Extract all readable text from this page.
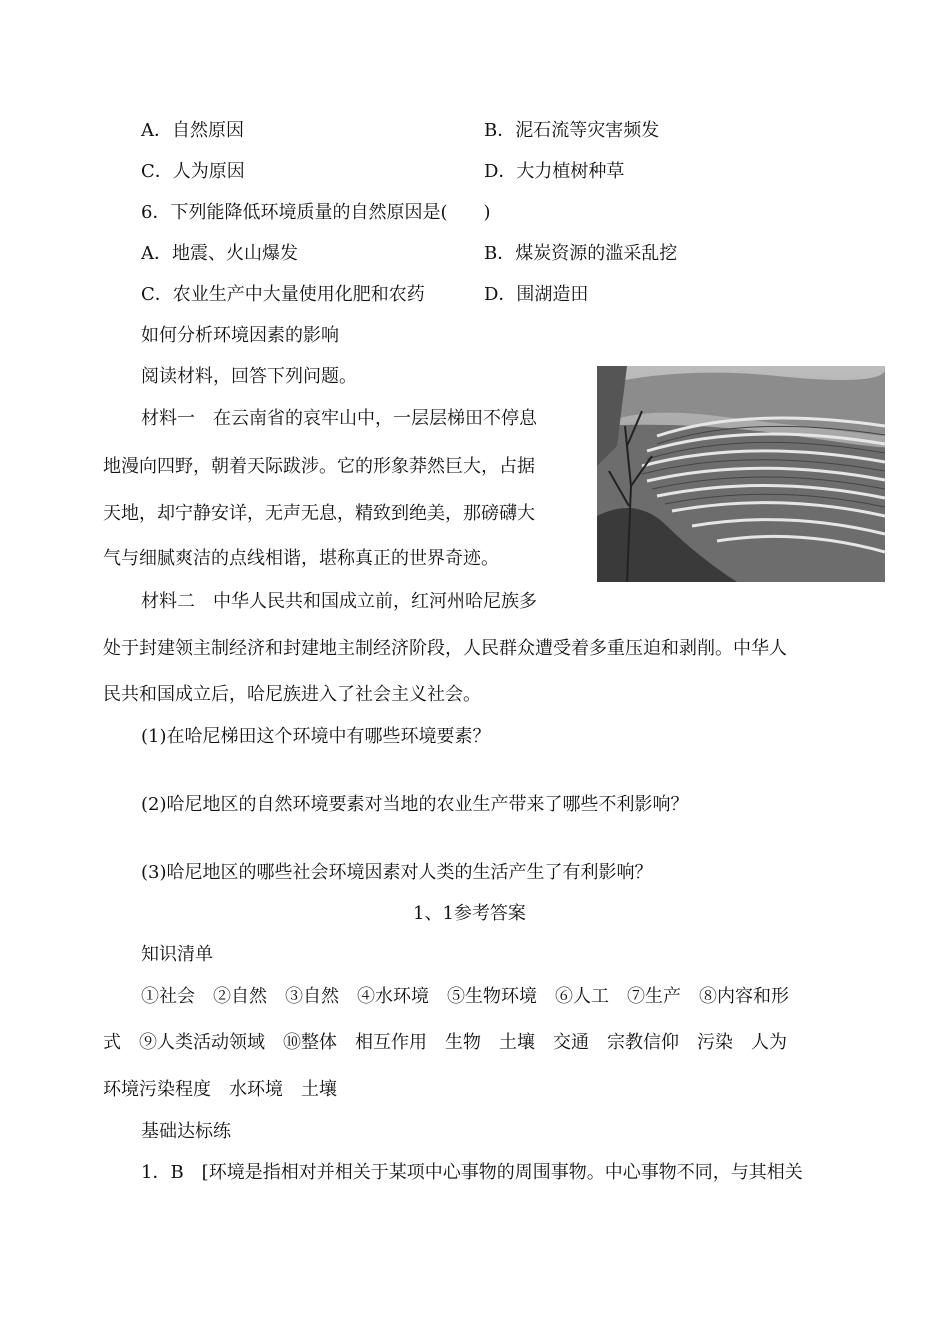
A．自然原因	B．泥石流等灾害频发
C．人为原因	D．大力植树种草
6．下列能降低环境质量的自然原因是(　　)
A．地震、火山爆发	B．煤炭资源的滥采乱挖
C．农业生产中大量使用化肥和农药	D．围湖造田
如何分析环境因素的影响
阅读材料，回答下列问题。
材料一　在云南省的哀牢山中，一层层梯田不停息
地漫向四野，朝着天际跋涉。它的形象莽然巨大，占据
天地，却宁静安详，无声无息，精致到绝美，那磅礴大
气与细腻爽洁的点线相谐，堪称真正的世界奇迹。
材料二　中华人民共和国成立前，红河州哈尼族多
处于封建领主制经济和封建地主制经济阶段，人民群众遭受着多重压迫和剥削。中华人
民共和国成立后，哈尼族进入了社会主义社会。
(1)在哈尼梯田这个环境中有哪些环境要素？
(2)哈尼地区的自然环境要素对当地的农业生产带来了哪些不利影响？
(3)哈尼地区的哪些社会环境因素对人类的生活产生了有利影响？
1、1参考答案
知识清单
①社会　②自然　③自然　④水环境　⑤生物环境　⑥人工　⑦生产　⑧内容和形
式　⑨人类活动领域　⑩整体　相互作用　生物　土壤　交通　宗教信仰　污染　人为
环境污染程度　水环境　土壤
基础达标练
1．B　[环境是指相对并相关于某项中心事物的周围事物。中心事物不同，与其相关
